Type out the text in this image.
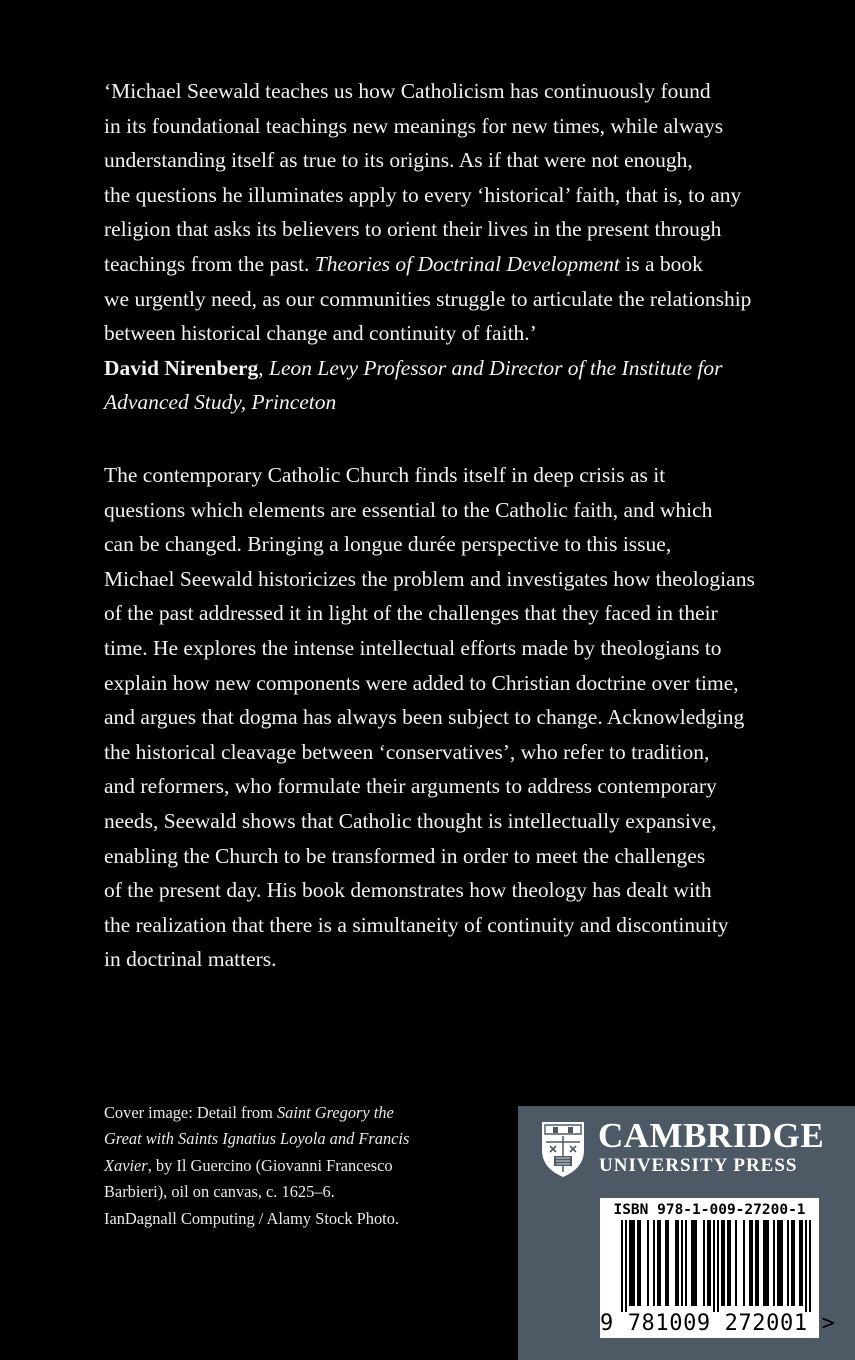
‘Michael Seewald teaches us how Catholicism has continuously found
in its foundational teachings new meanings for new times, while always
understanding itself as true to its origins. As if that were not enough,
the questions he illuminates apply to every ‘historical’ faith, that is, to any
religion that asks its believers to orient their lives in the present through
teachings from the past. Theories of Doctrinal Development is a book
we urgently need, as our communities struggle to articulate the relationship
between historical change and continuity of faith.’
David Nirenberg, Leon Levy Professor and Director of the Institute for
Advanced Study, Princeton
The contemporary Catholic Church finds itself in deep crisis as it
questions which elements are essential to the Catholic faith, and which
can be changed. Bringing a longue durée perspective to this issue,
Michael Seewald historicizes the problem and investigates how theologians
of the past addressed it in light of the challenges that they faced in their
time. He explores the intense intellectual efforts made by theologians to
explain how new components were added to Christian doctrine over time,
and argues that dogma has always been subject to change. Acknowledging
the historical cleavage between ‘conservatives’, who refer to tradition,
and reformers, who formulate their arguments to address contemporary
needs, Seewald shows that Catholic thought is intellectually expansive,
enabling the Church to be transformed in order to meet the challenges
of the present day. His book demonstrates how theology has dealt with
the realization that there is a simultaneity of continuity and discontinuity
in doctrinal matters.
Cover image: Detail from Saint Gregory the
Great with Saints Ignatius Loyola and Francis
Xavier, by Il Guercino (Giovanni Francesco
Barbieri), oil on canvas, c. 1625–6.
IanDagnall Computing / Alamy Stock Photo.
CAMBRIDGE
UNIVERSITY PRESS
ISBN 978-1-009-27200-1
9 781009 272001 >
